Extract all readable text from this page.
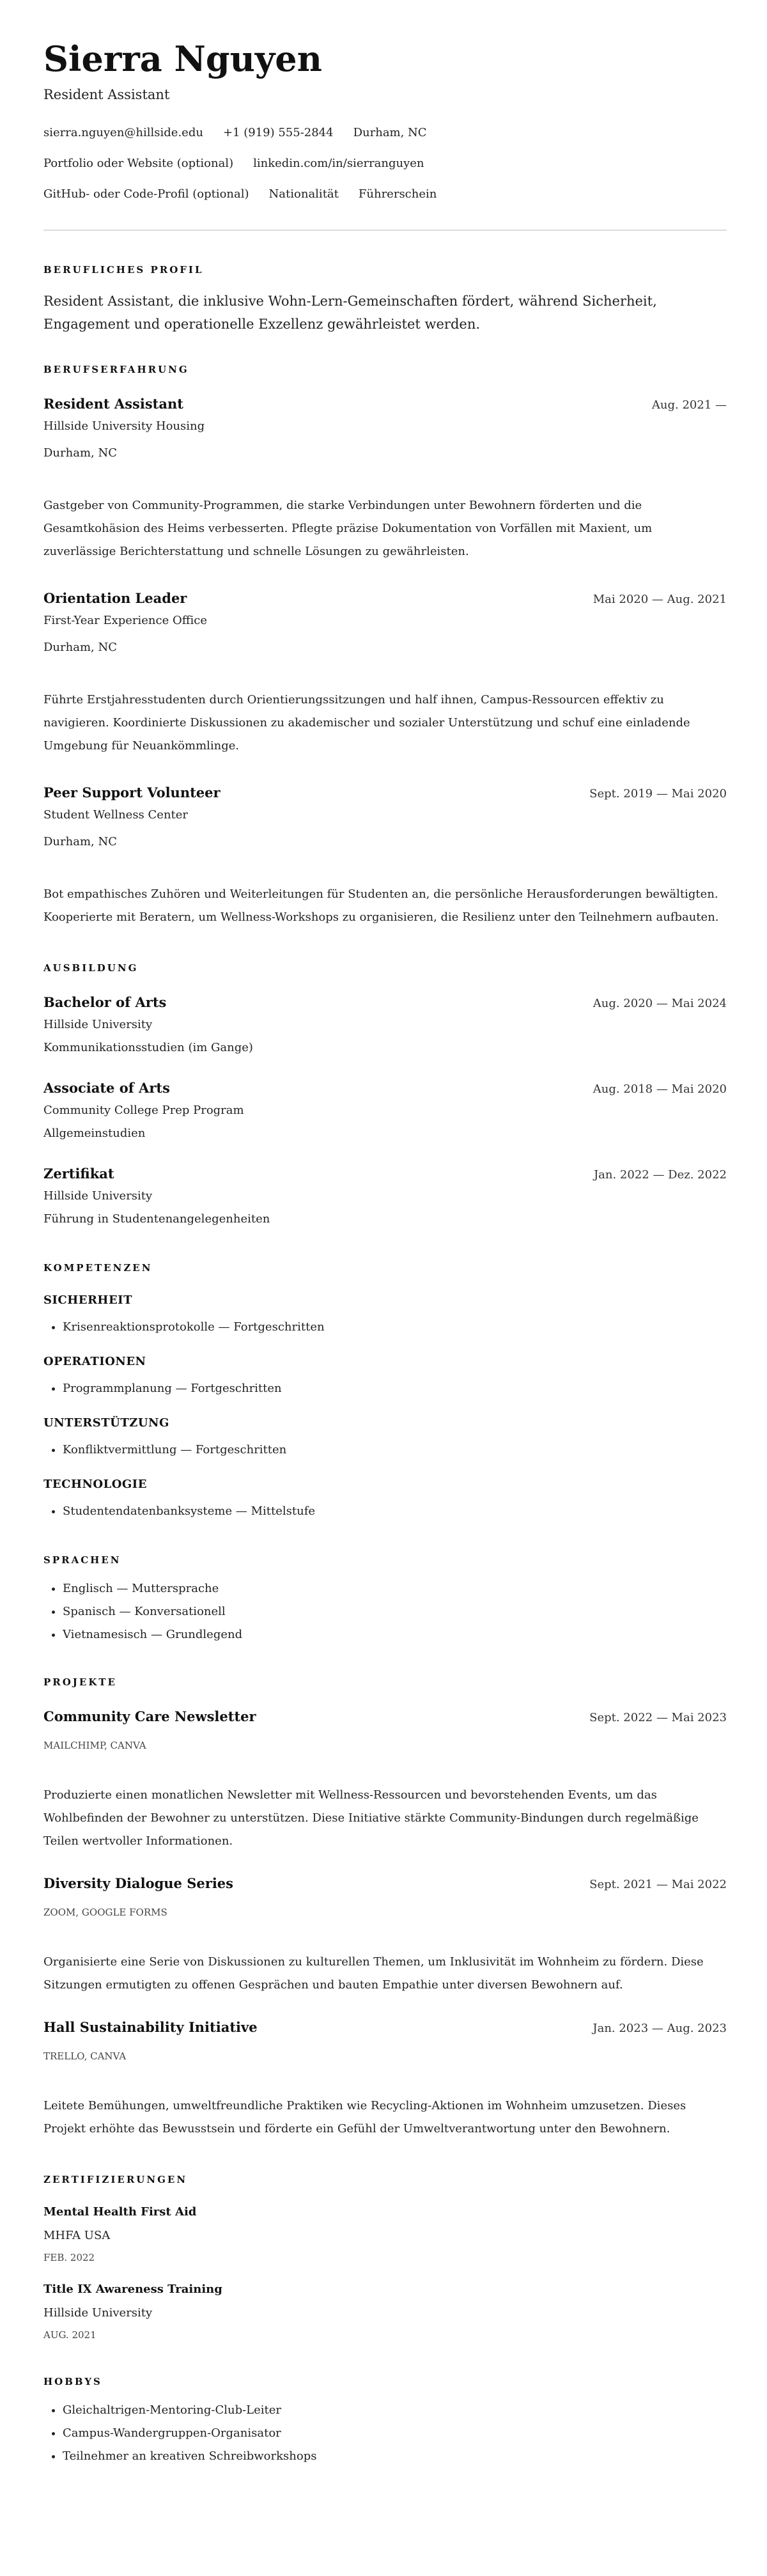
Sierra Nguyen
Resident Assistant
sierra.nguyen@hillside.edu +1 (919) 555-2844 Durham, NC
Portfolio oder Website (optional) linkedin.com/in/sierranguyen
GitHub- oder Code-Profil (optional) Nationalität Führerschein
BERUFLICHES PROFIL

Resident Assistant, die inklusive Wohn-Lern-Gemeinschaften fördert, während Sicherheit, Engagement und operationelle Exzellenz gewährleistet werden.

BERUFSERFAHRUNG
Resident Assistant	Aug. 2021 —
Hillside University Housing
Durham, NC
Gastgeber von Community-Programmen, die starke Verbindungen unter Bewohnern förderten und die Gesamtkohäsion des Heims verbesserten. Pflegte präzise Dokumentation von Vorfällen mit Maxient, um zuverlässige Berichterstattung und schnelle Lösungen zu gewährleisten.
Orientation Leader	Mai 2020 — Aug. 2021
First-Year Experience Office
Durham, NC
Führte Erstjahresstudenten durch Orientierungssitzungen und half ihnen, Campus-Ressourcen effektiv zu navigieren. Koordinierte Diskussionen zu akademischer und sozialer Unterstützung und schuf eine einladende Umgebung für Neuankömmlinge.
Peer Support Volunteer	Sept. 2019 — Mai 2020
Student Wellness Center
Durham, NC
Bot empathisches Zuhören und Weiterleitungen für Studenten an, die persönliche Herausforderungen bewältigten. Kooperierte mit Beratern, um Wellness-Workshops zu organisieren, die Resilienz unter den Teilnehmern aufbauten.
AUSBILDUNG
Bachelor of Arts	Aug. 2020 — Mai 2024
Hillside University
Kommunikationsstudien (im Gange)
Associate of Arts	Aug. 2018 — Mai 2020
Community College Prep Program
Allgemeinstudien
Zertifikat	Jan. 2022 — Dez. 2022
Hillside University
Führung in Studentenangelegenheiten
KOMPETENZEN
SICHERHEIT
• Krisenreaktionsprotokolle — Fortgeschritten
OPERATIONEN
• Programmplanung — Fortgeschritten
UNTERSTÜTZUNG
• Konfliktvermittlung — Fortgeschritten
TECHNOLOGIE
• Studentendatenbanksysteme — Mittelstufe
SPRACHEN
• Englisch — Muttersprache
• Spanisch — Konversationell
• Vietnamesisch — Grundlegend
PROJEKTE
Community Care Newsletter	Sept. 2022 — Mai 2023
MAILCHIMP, CANVA
Produzierte einen monatlichen Newsletter mit Wellness-Ressourcen und bevorstehenden Events, um das Wohlbefinden der Bewohner zu unterstützen. Diese Initiative stärkte Community-Bindungen durch regelmäßige Teilen wertvoller Informationen.
Diversity Dialogue Series	Sept. 2021 — Mai 2022
ZOOM, GOOGLE FORMS
Organisierte eine Serie von Diskussionen zu kulturellen Themen, um Inklusivität im Wohnheim zu fördern. Diese Sitzungen ermutigten zu offenen Gesprächen und bauten Empathie unter diversen Bewohnern auf.
Hall Sustainability Initiative	Jan. 2023 — Aug. 2023
TRELLO, CANVA
Leitete Bemühungen, umweltfreundliche Praktiken wie Recycling-Aktionen im Wohnheim umzusetzen. Dieses Projekt erhöhte das Bewusstsein und förderte ein Gefühl der Umweltverantwortung unter den Bewohnern.
ZERTIFIZIERUNGEN
Mental Health First Aid
MHFA USA
FEB. 2022
Title IX Awareness Training
Hillside University
AUG. 2021
HOBBYS
• Gleichaltrigen-Mentoring-Club-Leiter
• Campus-Wandergruppen-Organisator
• Teilnehmer an kreativen Schreibworkshops
